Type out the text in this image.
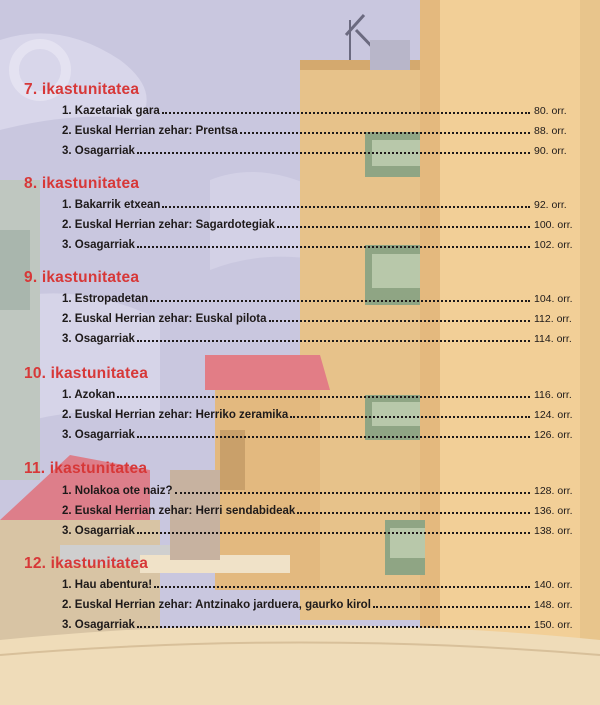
7. ikastunitatea
1. Kazetariak gara	80. orr.
2. Euskal Herrian zehar: Prentsa	88. orr.
3. Osagarriak	90. orr.
8. ikastunitatea
1. Bakarrik etxean	92. orr.
2. Euskal Herrian zehar: Sagardotegiak	100. orr.
3. Osagarriak	102. orr.
9. ikastunitatea
1. Estropadetan	104. orr.
2. Euskal Herrian zehar: Euskal pilota	112. orr.
3. Osagarriak	114. orr.
10. ikastunitatea
1. Azokan	116. orr.
2. Euskal Herrian zehar: Herriko zeramika	124. orr.
3. Osagarriak	126. orr.
11. ikastunitatea
1. Nolakoa ote naiz?	128. orr.
2. Euskal Herrian zehar: Herri sendabideak	136. orr.
3. Osagarriak	138. orr.
12. ikastunitatea
1. Hau abentura!	140. orr.
2. Euskal Herrian zehar: Antzinako jarduera, gaurko kirol	148. orr.
3. Osagarriak	150. orr.
